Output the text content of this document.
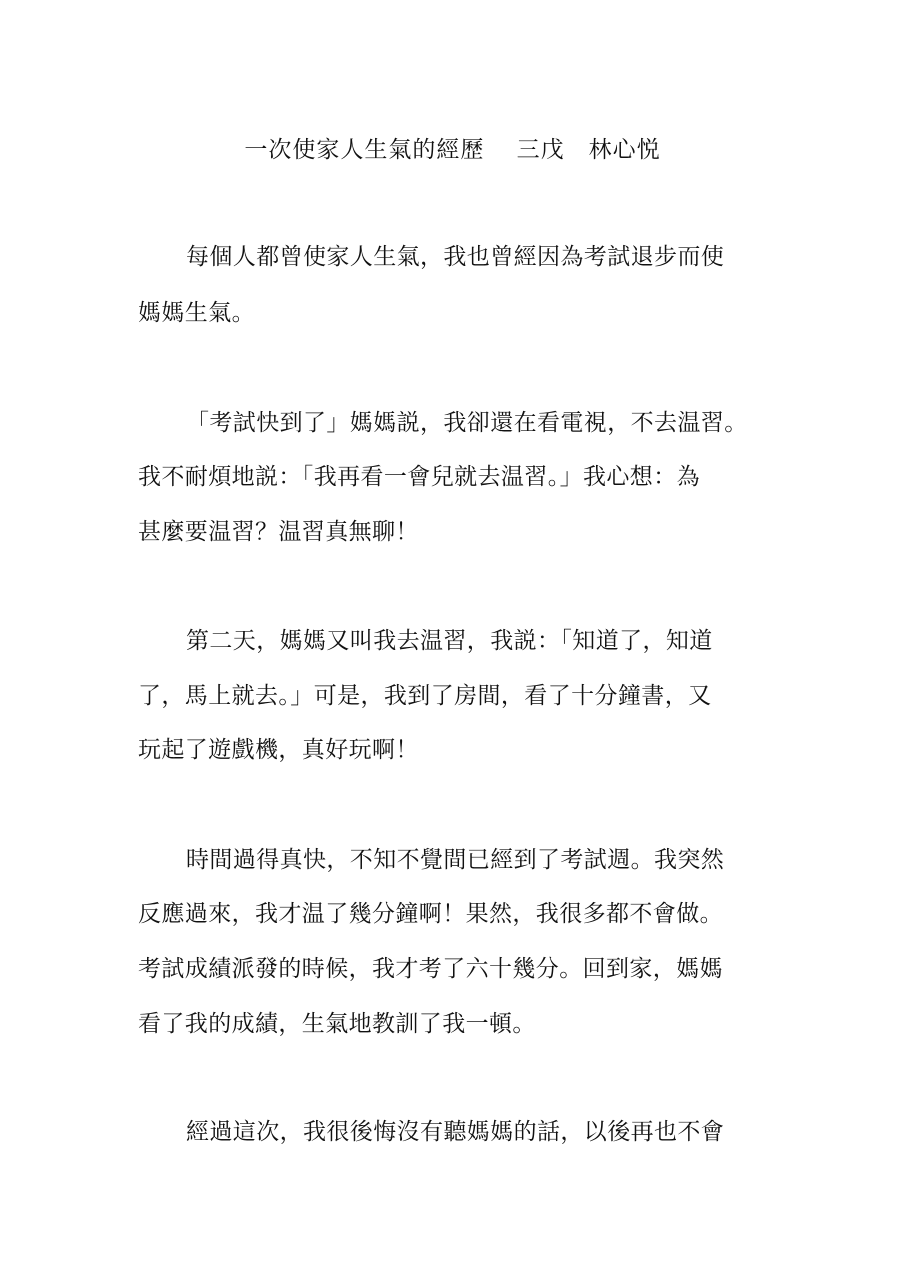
一次使家人生氣的經歷　 三戊　林心悦
每個人都曾使家人生氣，我也曾經因為考試退步而使
媽媽生氣。
「考試快到了」媽媽説，我卻還在看電視，不去温習。
我不耐煩地説：「我再看一會兒就去温習。」我心想：為
甚麼要温習？温習真無聊！
第二天，媽媽又叫我去温習，我説：「知道了，知道
了，馬上就去。」可是，我到了房間，看了十分鐘書，又
玩起了遊戲機，真好玩啊！
時間過得真快，不知不覺間已經到了考試週。我突然
反應過來，我才温了幾分鐘啊！果然，我很多都不會做。
考試成績派發的時候，我才考了六十幾分。回到家，媽媽
看了我的成績，生氣地教訓了我一頓。
經過這次，我很後悔沒有聽媽媽的話，以後再也不會
